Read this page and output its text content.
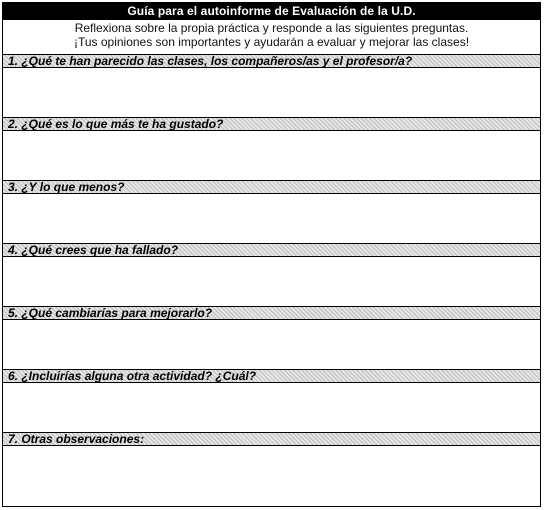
Guía para el autoinforme de Evaluación de la U.D.
Reflexiona sobre la propia práctica y responde a las siguientes preguntas.
¡Tus opiniones son importantes y ayudarán a evaluar y mejorar las clases!
1. ¿Qué te han parecido las clases, los compañeros/as y el profesor/a?
2. ¿Qué es lo que más te ha gustado?
3. ¿Y lo que menos?
4. ¿Qué crees que ha fallado?
5. ¿Qué cambiarías para mejorarlo?
6. ¿Incluirías alguna otra actividad? ¿Cuál?
7. Otras observaciones:
